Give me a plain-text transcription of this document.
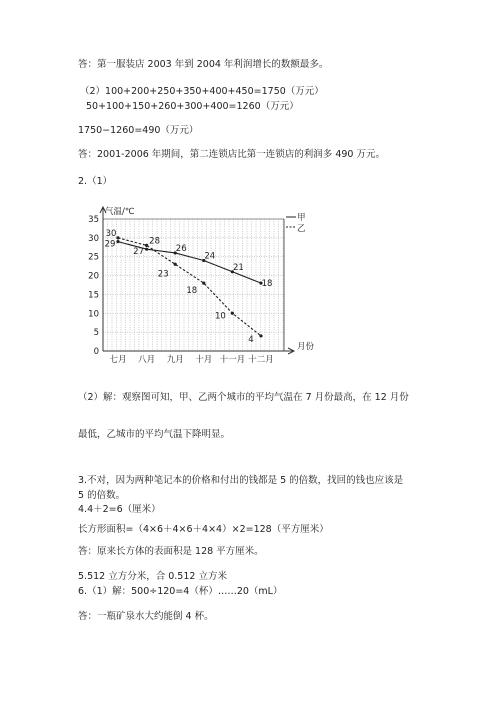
答：第一服装店 2003 年到 2004 年利润增长的数额最多。
（2）100+200+250+350+400+450=1750（万元）
50+100+150+260+300+400=1260（万元）
1750−1260=490（万元）
答：2001-2006 年期间，第二连锁店比第一连锁店的利润多 490 万元。
2.（1）
0
5
10
15
20
25
30
35
气温/℃
七月 八月 九月 十月 十一月 十二月
月份
甲
乙
29
27	26
24
21
18
30
28
23
18
10
4
（2）解：观察图可知，甲、乙两个城市的平均气温在 7 月份最高，在 12 月份
最低，乙城市的平均气温下降明显。
3.不对，因为两种笔记本的价格和付出的钱都是 5 的倍数，找回的钱也应该是
5 的倍数。
4.4＋2=6（厘米）
长方形面积=（4×6＋4×6＋4×4）×2=128（平方厘米）
答：原来长方体的表面积是 128 平方厘米。
5.512 立方分米，合 0.512 立方米
6.（1）解：500÷120=4（杯）……20（mL）
答：一瓶矿泉水大约能倒 4 杯。
